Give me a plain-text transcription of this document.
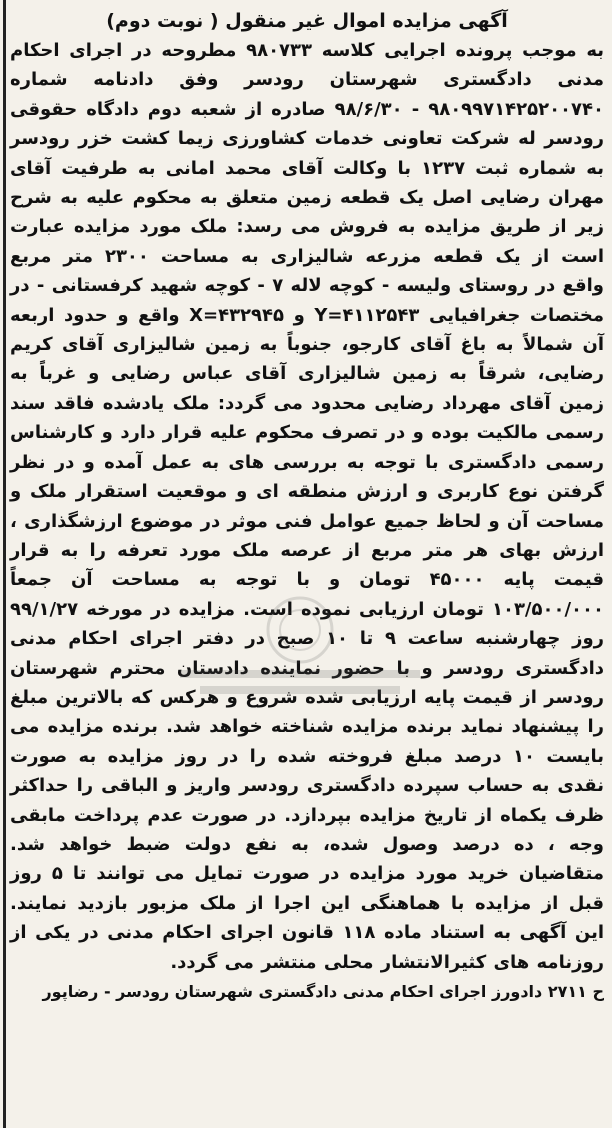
آگهی مزایده اموال غیر منقول ( نوبت دوم)

به موجب پرونده اجرایی کلاسه ۹۸۰۷۳۳ مطروحه در اجرای احکام مدنی دادگستری شهرستان رودسر وفق دادنامه شماره ۹۸۰۹۹۷۱۴۲۵۲۰۰۷۴۰ - ۹۸/۶/۳۰ صادره از شعبه دوم دادگاه حقوقی رودسر له شرکت تعاونی خدمات کشاورزی زیما کشت خزر رودسر به شماره ثبت ۱۲۳۷ با وکالت آقای محمد امانی به طرفیت آقای مهران رضایی اصل یک قطعه زمین متعلق به محکوم علیه به شرح زیر از طریق مزایده به فروش می رسد: ملک مورد مزایده عبارت است از یک قطعه مزرعه شالیزاری به مساحت ۲۳۰۰ متر مربع واقع در روستای ولیسه - کوچه لاله ۷ - کوچه شهید کرفستانی - در مختصات جغرافیایی Y=۴۱۱۲۵۴۳ و X=۴۳۲۹۴۵ واقع و حدود اربعه آن شمالاً به باغ آقای کارجو، جنوباً به زمین شالیزاری آقای کریم رضایی، شرقاً به زمین شالیزاری آقای عباس رضایی و غرباً به زمین آقای مهرداد رضایی محدود می گردد: ملک یادشده فاقد سند رسمی مالکیت بوده و در تصرف محکوم علیه قرار دارد و کارشناس رسمی دادگستری با توجه به بررسی های به عمل آمده و در نظر گرفتن نوع کاربری و ارزش منطقه ای و موقعیت استقرار ملک و مساحت آن و لحاظ جمیع عوامل فنی موثر در موضوع ارزشگذاری ، ارزش بهای هر متر مربع از عرصه ملک مورد تعرفه را به قرار قیمت پایه ۴۵۰۰۰ تومان و با توجه به مساحت آن جمعاً ۱۰۳/۵۰۰/۰۰۰ تومان ارزیابی نموده است. مزایده در مورخه ۹۹/۱/۲۷ روز چهارشنبه ساعت ۹ تا ۱۰ صبح در دفتر اجرای احکام مدنی دادگستری رودسر و با حضور نماینده دادستان محترم شهرستان رودسر از قیمت پایه ارزیابی شده شروع و هرکس که بالاترین مبلغ را پیشنهاد نماید برنده مزایده شناخته خواهد شد. برنده مزایده می بایست ۱۰ درصد مبلغ فروخته شده را در روز مزایده به صورت نقدی به حساب سپرده دادگستری رودسر واریز و الباقی را حداکثر ظرف یکماه از تاریخ مزایده بپردازد. در صورت عدم پرداخت مابقی وجه ، ده درصد وصول شده، به نفع دولت ضبط خواهد شد. متقاضیان خرید مورد مزایده در صورت تمایل می توانند تا ۵ روز قبل از مزایده با هماهنگی این اجرا از ملک مزبور بازدید نمایند. این آگهی به استناد ماده ۱۱۸ قانون اجرای احکام مدنی در یکی از روزنامه های کثیرالانتشار محلی منتشر می گردد.

ح ۲۷۱۱ دادورز اجرای احکام مدنی دادگستری شهرستان رودسر - رضاپور
